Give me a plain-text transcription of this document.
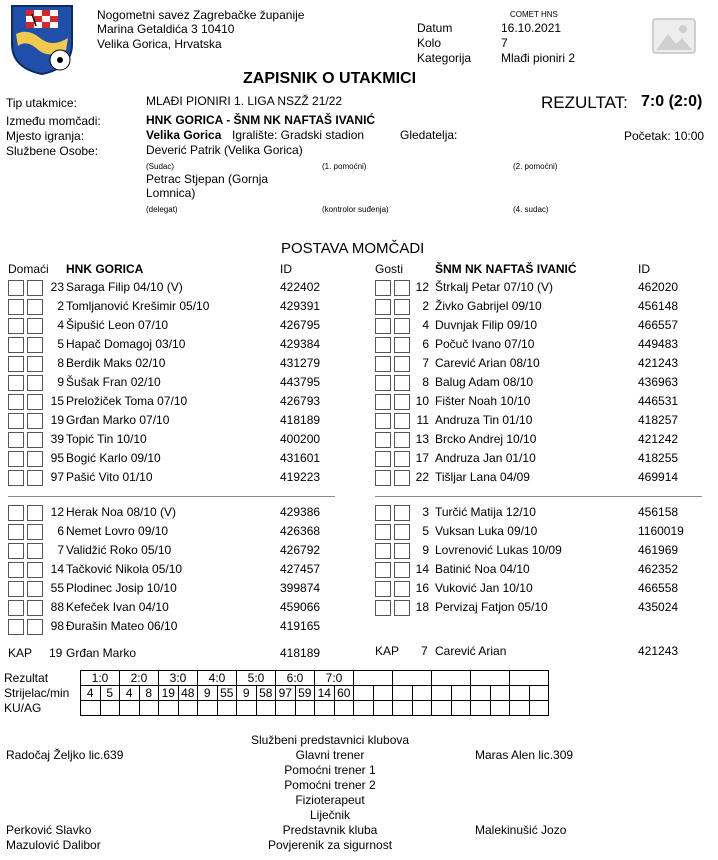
Nogometni savez Zagrebačke županije
Marina Getaldića 3 10410
Velika Gorica, Hrvatska
COMET HNS
Datum	16.10.2021
Kolo	7
Kategorija Mlađi pioniri 2
ZAPISNIK O UTAKMICI
Tip utakmice:	MLAĐI PIONIRI 1. LIGA NSZŽ 21/22	REZULTAT: 7:0 (2:0)
Između momčadi:	HNK GORICA - ŠNM NK NAFTAŠ IVANIĆ
Mjesto igranja:	Velika Gorica Igralište: Gradski stadion	Gledatelja:	Početak: 10:00
Službene Osobe:	Deverić Patrik (Velika Gorica)
(Sudac)	(1. pomoćni)	(2. pomoćni)
Petrac Stjepan (Gornja
Lomnica)
(delegat)	(kontrolor suđenja)	(4. sudac)
POSTAVA MOMČADI
Domaći HNK GORICA	ID	Gosti	ŠNM NK NAFTAŠ IVANIĆ	ID
23 Saraga Filip 04/10 (V)	422402
2 Tomljanović Krešimir 05/10	429391
4 Šipušić Leon 07/10	426795
5 Hapač Domagoj 03/10	429384
8 Berdik Maks 02/10	431279
9 Šušak Fran 02/10	443795
15 Preložiček Toma 07/10	426793
19 Grđan Marko 07/10	418189
39 Topić Tin 10/10	400200
95 Bogić Karlo 09/10	431601
97 Pašić Vito 01/10	419223
12 Štrkalj Petar 07/10 (V)	462020
2 Živko Gabrijel 09/10	456148
4 Duvnjak Filip 09/10	466557
6 Počuč Ivano 07/10	449483
7 Carević Arian 08/10	421243
8 Balug Adam 08/10	436963
10 Fišter Noah 10/10	446531
11 Andruza Tin 01/10	418257
13 Brcko Andrej 10/10	421242
17 Andruza Jan 01/10	418255
22 Tišljar Lana 04/09	469914
12 Herak Noa 08/10 (V)	429386
6 Nemet Lovro 09/10	426368
7 Validžić Roko 05/10	426792
14 Tačković Nikola 05/10	427457
55 Plodinec Josip 10/10	399874
88 Kefeček Ivan 04/10	459066
98 Đurašin Mateo 06/10	419165
3 Turčić Matija 12/10	456158
5 Vuksan Luka 09/10	1160019
9 Lovrenović Lukas 10/09	461969
14 Batinić Noa 04/10	462352
16 Vuković Jan 10/10	466558
18 Pervizaj Fatjon 05/10	435024
KAP 19 Grđan Marko	418189	KAP 7 Carević Arian	421243
Rezultat	1:0		2:0		3:0		4:0		5:0		6:0		7:0											
Strijelac/min	4	5	4	8	19	48	9	55	9	58	97	59	14	60										
KU/AG																								
Službeni predstavnici klubova
Glavni trener
Radočaj Željko lic.639	Maras Alen lic.309
Pomoćni trener 1
Pomoćni trener 2
Fizioterapeut
Liječnik
Predstavnik kluba
Perković Slavko	Malekinušić Jozo
Povjerenik za sigurnost
Mazulović Dalibor
